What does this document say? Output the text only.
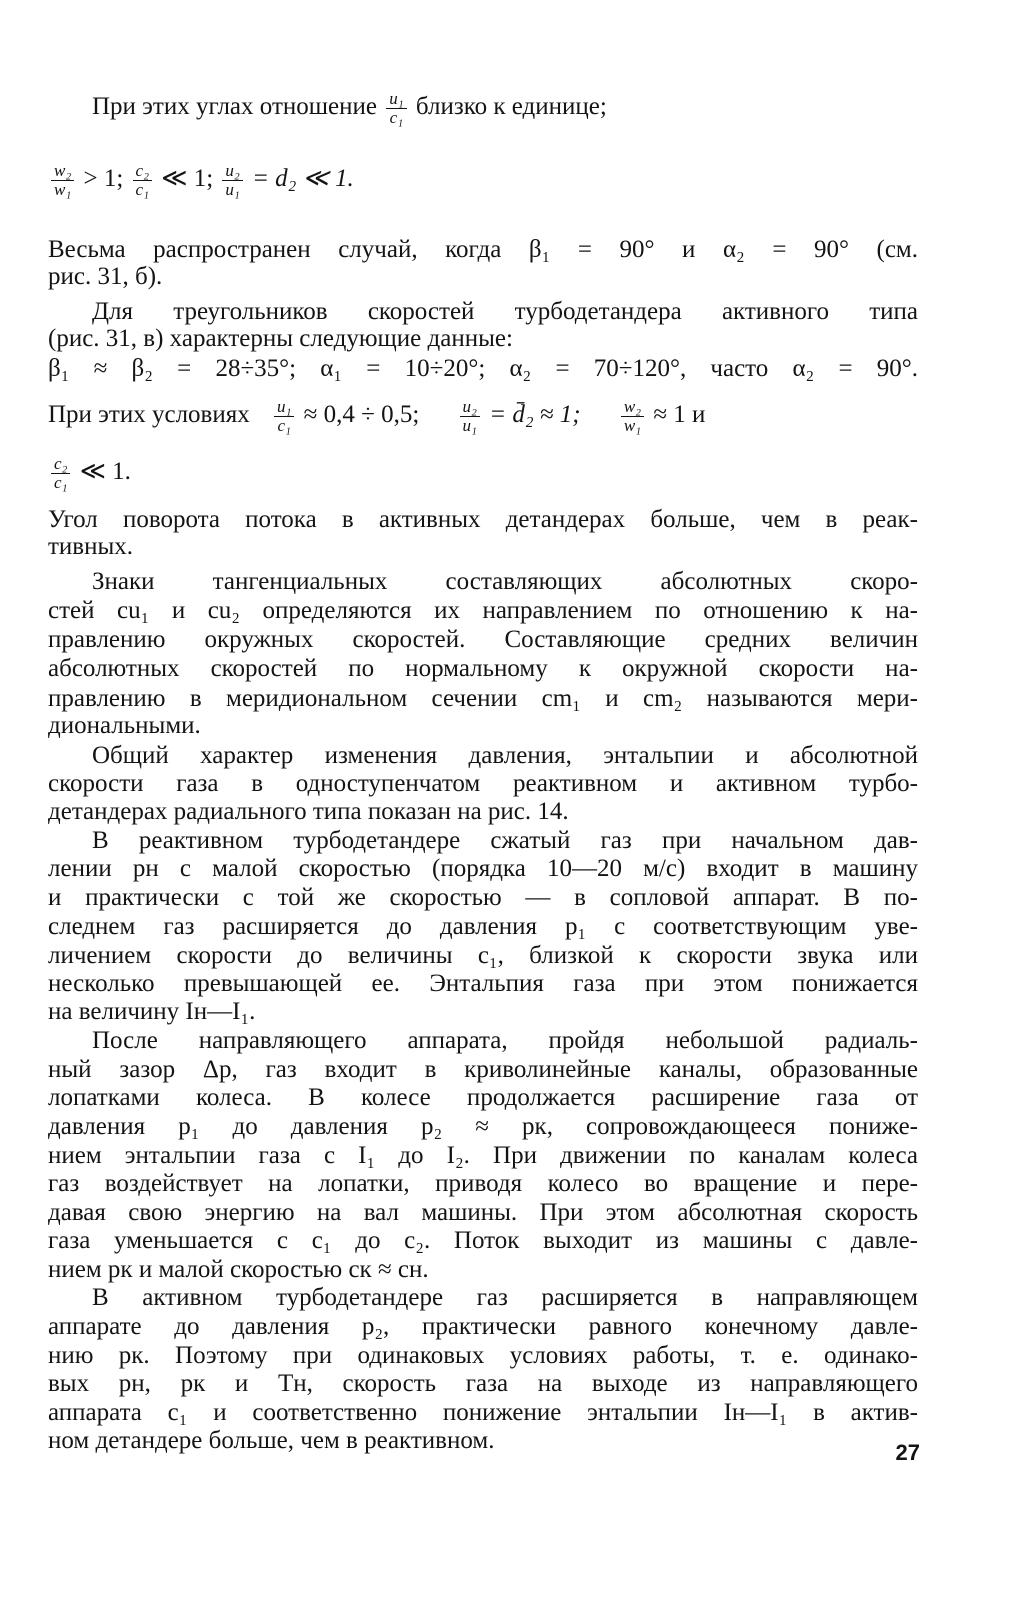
При этих углах отношение $\frac{\text{u₁}}{\text{c₁}}$ близко к единице;
$\frac{\text{w₂}}{\text{w₁}} > 1$; $\frac{\text{c₂}}{\text{c₁}}$ ≪ 1; $\frac{\text{u₂}}{\text{u₁}} = d_2$ ≪ 1.
Весьма распространен случай, когда β₁ = 90° и α₂ = 90° (см.
рис. 31, б).
Для треугольников скоростей турбодетандера активного типа
(рис. 31, в) характерны следующие данные:
β₁ ≈ β₂ = 28÷35°; α₁ = 10÷20°; α₂ = 70÷120°, часто α₂ = 90°.
При этих условиях $\frac{\text{u₁}}{\text{c₁}} \approx 0,4 \div 0,5$; $\frac{\text{u₂}}{\text{u₁}}$ = d̄₂ ≈ 1; $\frac{\text{w₂}}{\text{w₁}} \approx 1$ и
$\frac{\text{c₂}}{\text{c₁}}$ ≪ 1.
Угол поворота потока в активных детандерах больше, чем в реак-
тивных.
Знаки тангенциальных составляющих абсолютных скоро-
стей cu₁ и cu₂ определяются их направлением по отношению к на-
правлению окружных скоростей. Составляющие средних величин
абсолютных скоростей по нормальному к окружной скорости на-
правлению в меридиональном сечении cm₁ и cm₂ называются мери-
диональными.
Общий характер изменения давления, энтальпии и абсолютной
скорости газа в одноступенчатом реактивном и активном турбо-
детандерах радиального типа показан на рис. 14.
В реактивном турбодетандере сжатый газ при начальном дав-
лении pн с малой скоростью (порядка 10—20 м/с) входит в машину
и практически с той же скоростью — в сопловой аппарат. В по-
следнем газ расширяется до давления p₁ с соответствующим уве-
личением скорости до величины c₁, близкой к скорости звука или
несколько превышающей ее. Энтальпия газа при этом понижается
на величину Iн—I₁.
После направляющего аппарата, пройдя небольшой радиаль-
ный зазор Δр, газ входит в криволинейные каналы, образованные
лопатками колеса. В колесе продолжается расширение газа от
давления p₁ до давления p₂ ≈ pк, сопровождающееся пониже-
нием энтальпии газа с I₁ до I₂. При движении по каналам колеса
газ воздействует на лопатки, приводя колесо во вращение и пере-
давая свою энергию на вал машины. При этом абсолютная скорость
газа уменьшается с c₁ до c₂. Поток выходит из машины с давле-
нием pк и малой скоростью cк ≈ cн.
В активном турбодетандере газ расширяется в направляющем
аппарате до давления p₂, практически равного конечному давле-
нию pк. Поэтому при одинаковых условиях работы, т. е. одинако-
вых pн, pк и Tн, скорость газа на выходе из направляющего
аппарата c₁ и соответственно понижение энтальпии Iн—I₁ в актив-
ном детандере больше, чем в реактивном.	27
